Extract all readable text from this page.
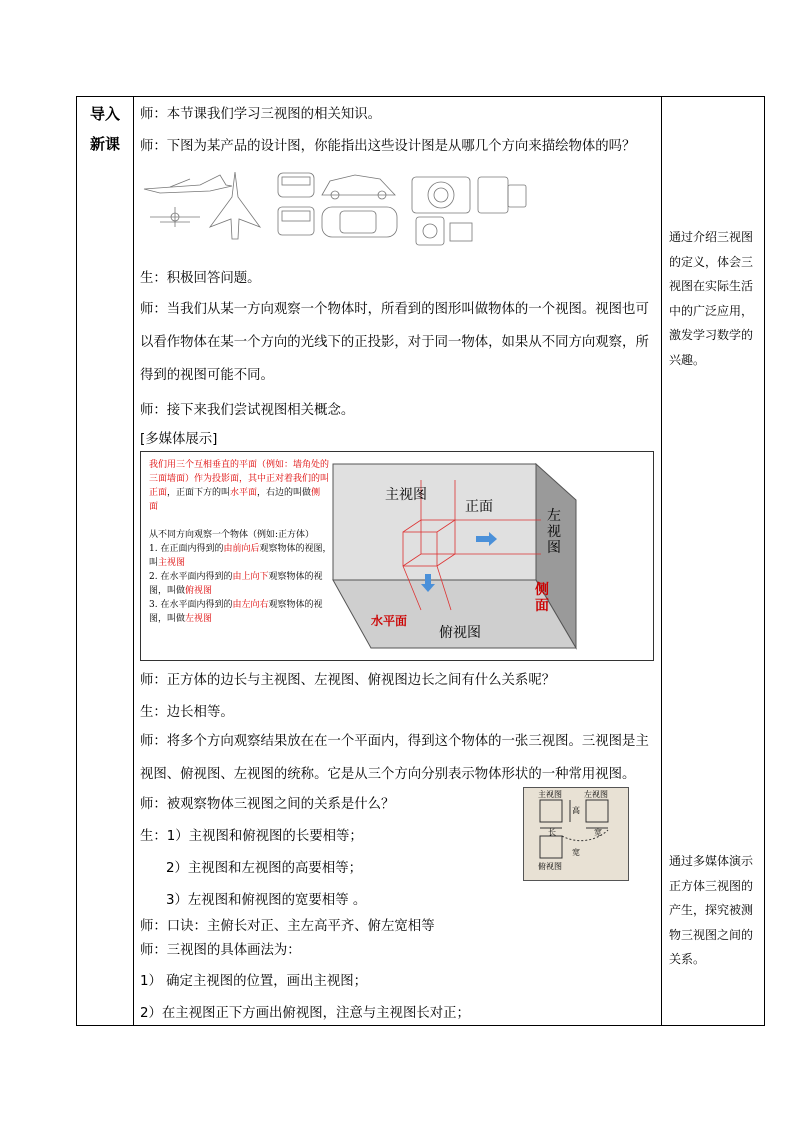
导入
新课
师：本节课我们学习三视图的相关知识。
师：下图为某产品的设计图，你能指出这些设计图是从哪几个方向来描绘物体的吗？
生：积极回答问题。
师：当我们从某一方向观察一个物体时，所看到的图形叫做物体的一个视图。视图也可以看作物体在某一个方向的光线下的正投影，对于同一物体，如果从不同方向观察，所得到的视图可能不同。
师：接下来我们尝试视图相关概念。
[多媒体展示]
我们用三个互相垂直的平面（例如：墙角处的三面墙面）作为投影面，其中正对着我们的叫正面，正面下方的叫水平面，右边的叫做侧面
从不同方向观察一个物体（例如:正方体）
1. 在正面内得到的由前向后观察物体的视图，叫主视图
2. 在水平面内得到的由上向下观察物体的视图，叫做俯视图
3. 在水平面内得到的由左向右观察物体的视图，叫做左视图
主视图
正面
左视图
侧面
水平面
俯视图
师：正方体的边长与主视图、左视图、俯视图边长之间有什么关系呢？
生：边长相等。
师：将多个方向观察结果放在在一个平面内，得到这个物体的一张三视图。三视图是主视图、俯视图、左视图的统称。它是从三个方向分别表示物体形状的一种常用视图。
师：被观察物体三视图之间的关系是什么？
生：1）主视图和俯视图的长要相等；
2）主视图和左视图的高要相等；
3）左视图和俯视图的宽要相等 。
师：口诀：主俯长对正、主左高平齐、俯左宽相等
师：三视图的具体画法为：
1） 确定主视图的位置，画出主视图；
2）在主视图正下方画出俯视图，注意与主视图长对正；
主视图	左视图
俯视图
高
长	宽
宽
通过介绍三视图的定义，体会三视图在实际生活中的广泛应用，激发学习数学的兴趣。
通过多媒体演示正方体三视图的产生，探究被测物三视图之间的关系。
